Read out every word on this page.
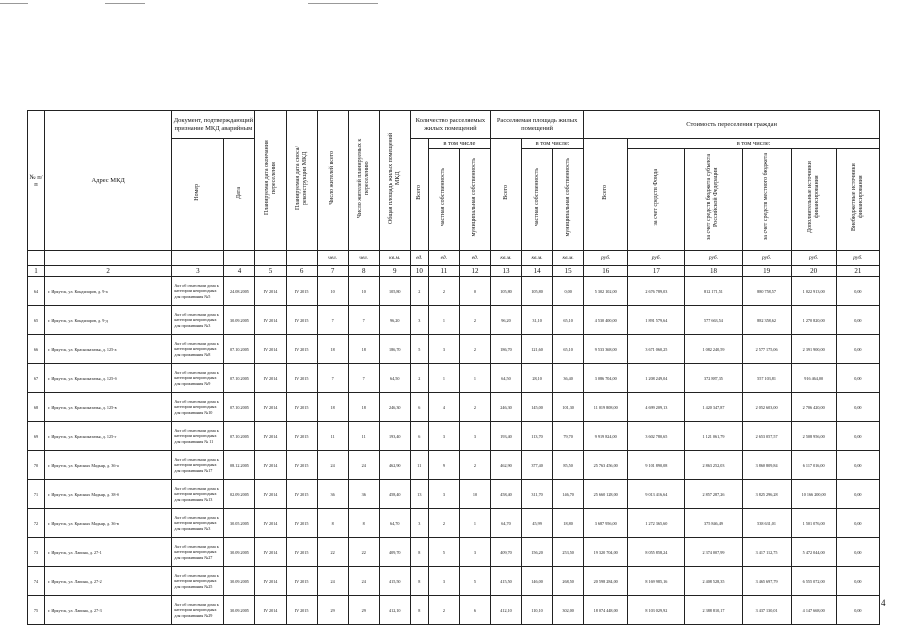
№ п/п	Адрес МКД	Документ, подтверждающий признание МКД аварийным		Планируемая дата окончания переселения	Планируемая дата сноса/реконструкции МКД	Число жителей всего	Число жителей планируемых к переселению	Общая площадь жилых помещений МКД	Количество расселяемых жилых помещений			Расселяемая площадь жилых помещений			Стоимость переселения граждан					
		Номер	Дата						Всего	в том числе		Всего	в том числе:		Всего	в том числе:				
										частная собственность	муниципальная собственность		частная собственность	муниципальная собственность		за счет средств Фонда	за счет средств бюджета субъекта Российской Федерации	за счет средств местного бюджета	Дополнительные источники финансирования	Внебюджетные источники финансирования
						чел.	чел.	кв.м.	ед.	ед.	ед.	кв.м.	кв.м.	кв.м.	руб.	руб.	руб.	руб.	руб.	руб.
1	2	3	4	5	6	7	8	9	10	11	12	13	14	15	16	17	18	19	20	21
64	г. Иркутск, ул. Кондиларов, д. 9-а	Акт об отнесении дома к категории непригодных для проживания №5	24.08.2005	IV 2014	IV 2015	10	10	105,80	2	2	0	105,80	105,80	0,00	5 302 102,00	2 676 789,03	812 171,51	880 758,57	1 022 913,00	0,00
65	г. Иркутск, ул. Кондиларов, д. 9-д	Акт об отнесении дома к категории непригодных для проживания №3	30.09.2005	IV 2014	IV 2015	7	7	96,20	3	1	2	96,20	31,10	65,10	4 530 400,00	1 891 579,64	577 663,54	882 358,62	1 270 820,00	0,00
66	г. Иркутск, ул. Красноказачья, д. 125-а	Акт об отнесении дома к категории непригодных для проживания №8	07.10.2005	IV 2014	IV 2015	18	18	186,70	5	3	2	186,70	121,60	65,10	9 533 368,00	3 671 060,25	1 082 240,59	2 577 175,06	2 391 900,00	0,00
67	г. Иркутск, ул. Красноказачья, д. 125-б	Акт об отнесении дома к категории непригодных для проживания №9	07.10.2005	IV 2014	IV 2015	7	7	64,50	2	1	1	64,50	28,10	36,40	3 086 704,00	1 208 249,04	372 887,35	557 103,81	916 464,00	0,00
68	г. Иркутск, ул. Красноказачья, д. 125-в	Акт об отнесении дома к категории непригодных для проживания №10	07.10.2005	IV 2014	IV 2015	18	18	246,30	6	4	2	246,30	145,00	101,30	11 019 808,00	4 699 209,13	1 420 347,87	2 052 603,00	2 706 420,00	0,00
69	г. Иркутск, ул. Красноказачья, д. 125-г	Акт об отнесении дома к категории непригодных для проживания № 11	07.10.2005	IV 2014	IV 2015	11	11	193,40	6	3	3	193,40	113,70	79,70	9 919 824,00	3 602 780,65	1 121 061,79	2 653 057,57	2 508 956,00	0,00
70	г. Иркутск, ул. Красных Мадьяр, д. 36-а	Акт об отнесении дома к категории непригодных для проживания №17	08.12.2005	IV 2014	IV 2015	24	24	462,90	11	9	2	462,90	377,40	85,50	25 763 456,00	9 101 890,08	2 863 252,03	3 860 809,84	6 117 016,00	0,00
71	г. Иркутск, ул. Красных Мадьяр, д. 38-б	Акт об отнесении дома к категории непригодных для проживания №13	02.09.2005	IV 2014	IV 2015	36	36	458,40	13	3	10	458,40	311,70	146,70	25 660 128,00	9 013 416,64	2 857 287,26	3 825 296,28	10 166 200,00	0,00
72	г. Иркутск, ул. Красных Мадьяр, д. 36-в	Акт об отнесении дома к категории непригодных для проживания №3	30.05.2005	IV 2014	IV 2015	8	8	64,70	3	2	1	64,70	45,99	18,80	3 687 956,00	1 272 365,60	375 846,49	538 631,01	1 501 076,00	0,00
73	г. Иркутск, ул. Лапина, д. 27-1	Акт об отнесении дома к категории непригодных для проживания №27	30.09.2005	IV 2014	IV 2015	22	22	409,70	8	5	3	409,70	156,20	253,50	19 320 704,00	8 055 858,24	2 374 007,99	3 417 112,75	5 472 044,00	0,00
74	г. Иркутск, ул. Лапина, д. 27-2	Акт об отнесении дома к категории непригодных для проживания №25	30.09.2005	IV 2014	IV 2015	24	24	415,50	8	3	5	415,50	146,00	268,50	20 598 284,00	8 169 985,16	2 408 528,35	3 465 697,79	6 555 072,00	0,00
75	г. Иркутск, ул. Лапина, д. 27-3	Акт об отнесении дома к категории непригодных для проживания №29	30.09.2005	IV 2014	IV 2015	29	29	412,10	8	2	6	412,10	110,10	302,00	18 074 448,00	8 103 029,92	2 388 810,17	3 437 130,01	4 147 668,00	0,00
4
